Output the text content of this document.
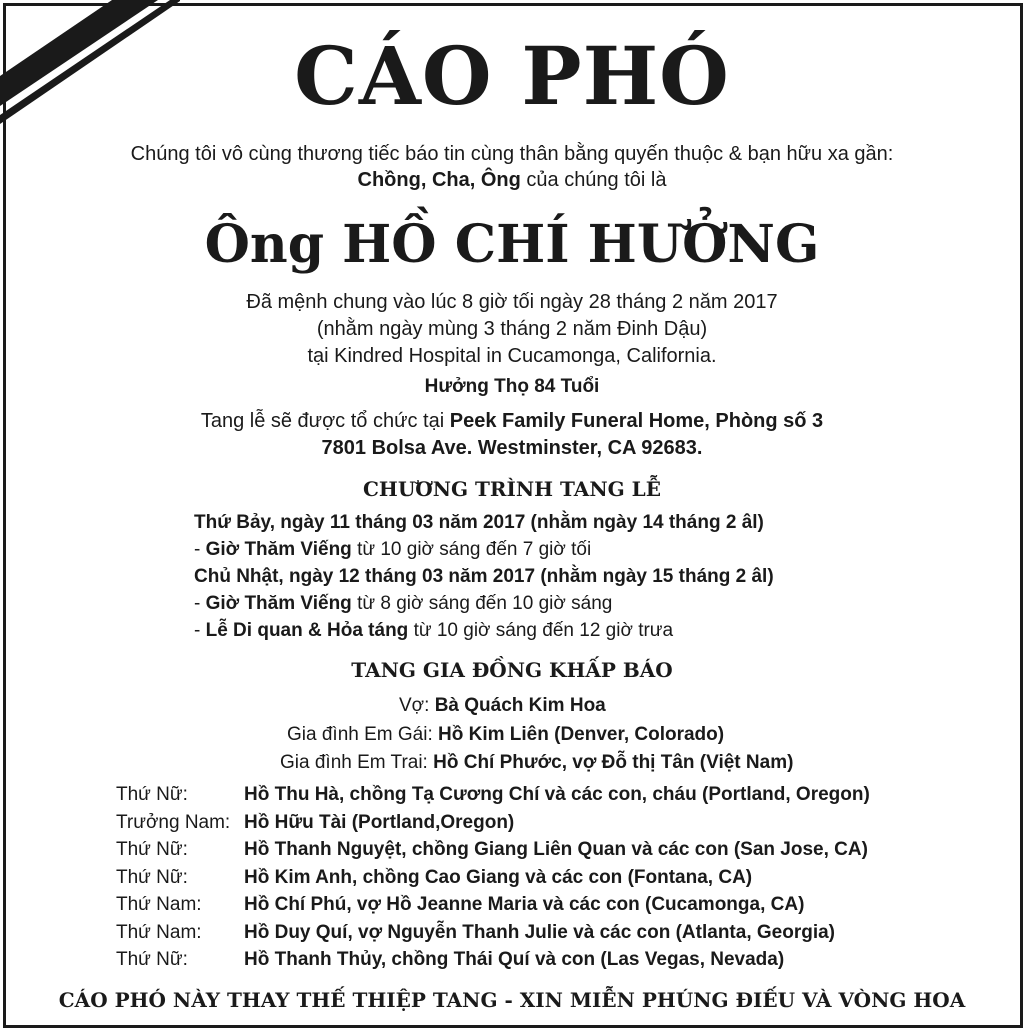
CÁO PHÓ
Chúng tôi vô cùng thương tiếc báo tin cùng thân bằng quyến thuộc & bạn hữu xa gần:
Chồng, Cha, Ông của chúng tôi là
Ông HỒ CHÍ HƯỞNG
Đã mệnh chung vào lúc 8 giờ tối ngày 28 tháng 2 năm 2017
(nhằm ngày mùng 3 tháng 2 năm Đinh Dậu)
tại Kindred Hospital in Cucamonga, California.
Hưởng Thọ 84 Tuổi
Tang lễ sẽ được tổ chức tại Peek Family Funeral Home, Phòng số 3
7801 Bolsa Ave. Westminster, CA 92683.
CHƯƠNG TRÌNH TANG LỄ
Thứ Bảy, ngày 11 tháng 03 năm 2017 (nhằm ngày 14 tháng 2 âl)
- Giờ Thăm Viếng từ 10 giờ sáng đến 7 giờ tối
Chủ Nhật, ngày 12 tháng 03 năm 2017 (nhằm ngày 15 tháng 2 âl)
- Giờ Thăm Viếng từ 8 giờ sáng đến 10 giờ sáng
- Lễ Di quan & Hỏa táng từ 10 giờ sáng đến 12 giờ trưa
TANG GIA ĐỒNG KHẤP BÁO
Vợ: Bà Quách Kim Hoa
Gia đình Em Gái: Hồ Kim Liên (Denver, Colorado)
Gia đình Em Trai: Hồ Chí Phước, vợ Đỗ thị Tân (Việt Nam)
Thứ Nữ:	Hồ Thu Hà, chồng Tạ Cương Chí và các con, cháu (Portland, Oregon)
Trưởng Nam: Hồ Hữu Tài (Portland,Oregon)
Thứ Nữ:	Hồ Thanh Nguyệt, chồng Giang Liên Quan và các con (San Jose, CA)
Thứ Nữ:	Hồ Kim Anh, chồng Cao Giang và các con (Fontana, CA)
Thứ Nam:	Hồ Chí Phú, vợ Hồ Jeanne Maria và các con (Cucamonga, CA)
Thứ Nam:	Hồ Duy Quí, vợ Nguyễn Thanh Julie và các con (Atlanta, Georgia)
Thứ Nữ:	Hồ Thanh Thủy, chồng Thái Quí và con (Las Vegas, Nevada)
CÁO PHÓ NÀY THAY THẾ THIỆP TANG - XIN MIỄN PHÚNG ĐIẾU VÀ VÒNG HOA
